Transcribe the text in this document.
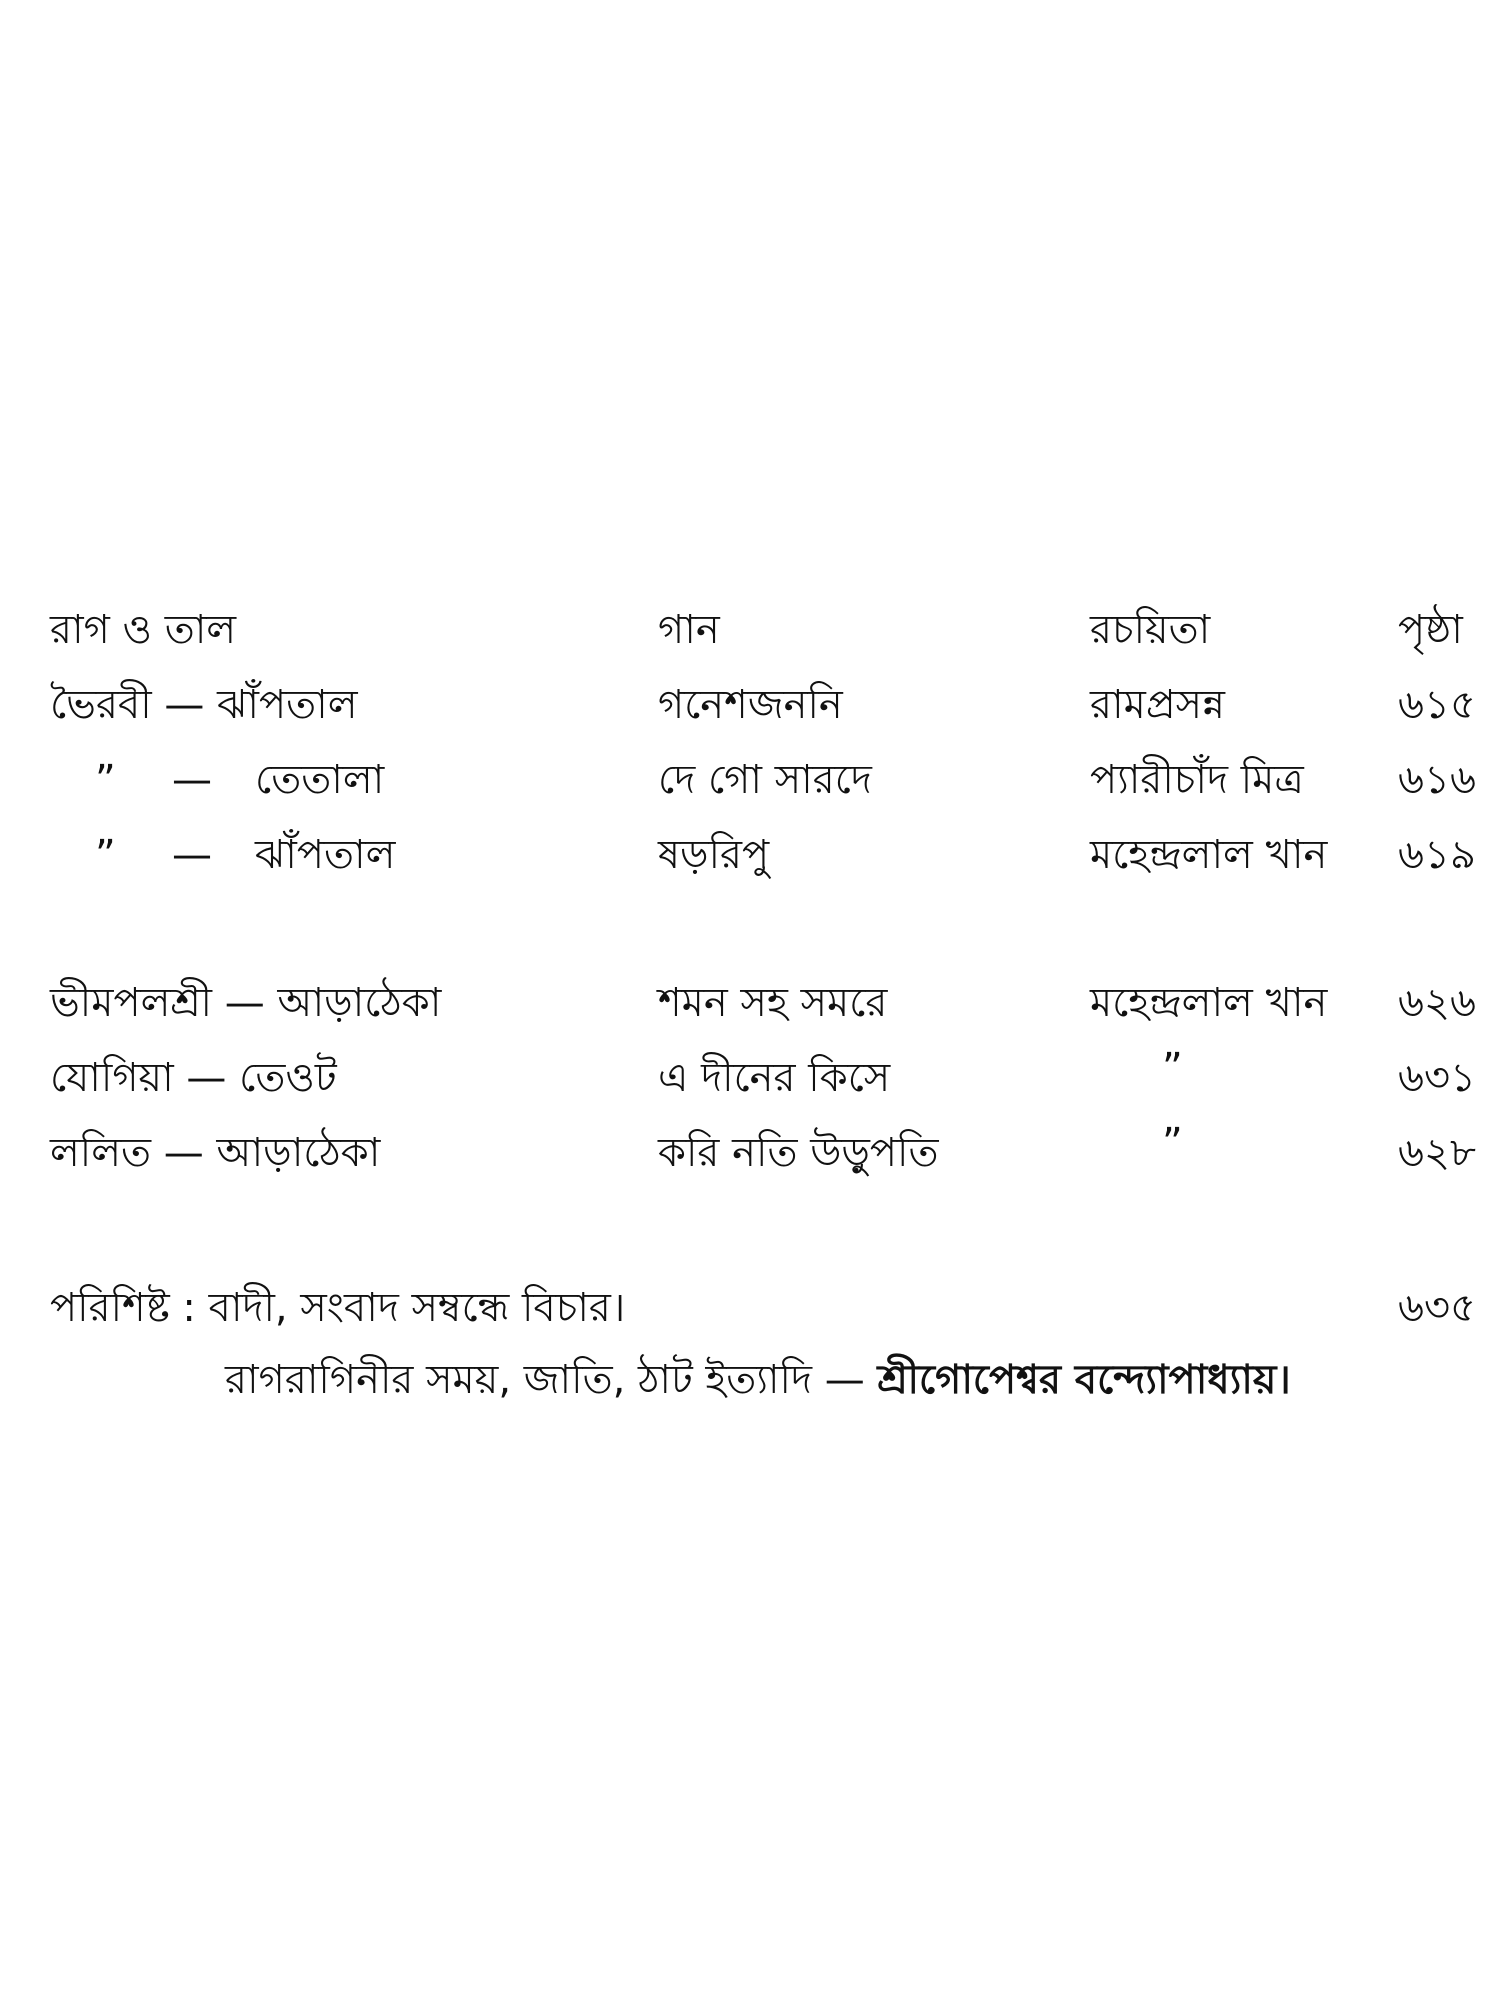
রাগ ও তাল	গান	রচয়িতা	পৃষ্ঠা
ভৈরবী — ঝাঁপতাল	গনেশজননি	রামপ্রসন্ন	৬১৫
” — তেতালা	দে গো সারদে	প্যারীচাঁদ মিত্র ৬১৬
” — ঝাঁপতাল	ষড়রিপু	মহেন্দ্রলাল খান ৬১৯
ভীমপলশ্রী — আড়াঠেকা	শমন সহ সমরে	মহেন্দ্রলাল খান ৬২৬
যোগিয়া — তেওট	এ দীনের কিসে	”	৬৩১
ললিত — আড়াঠেকা	করি নতি উড়ুপতি	”	৬২৮
পরিশিষ্ট : বাদী, সংবাদ সম্বন্ধে বিচার।	৬৩৫
রাগরাগিনীর সময়, জাতি, ঠাট ইত্যাদি — শ্রীগোপেশ্বর বন্দ্যোপাধ্যায়।
